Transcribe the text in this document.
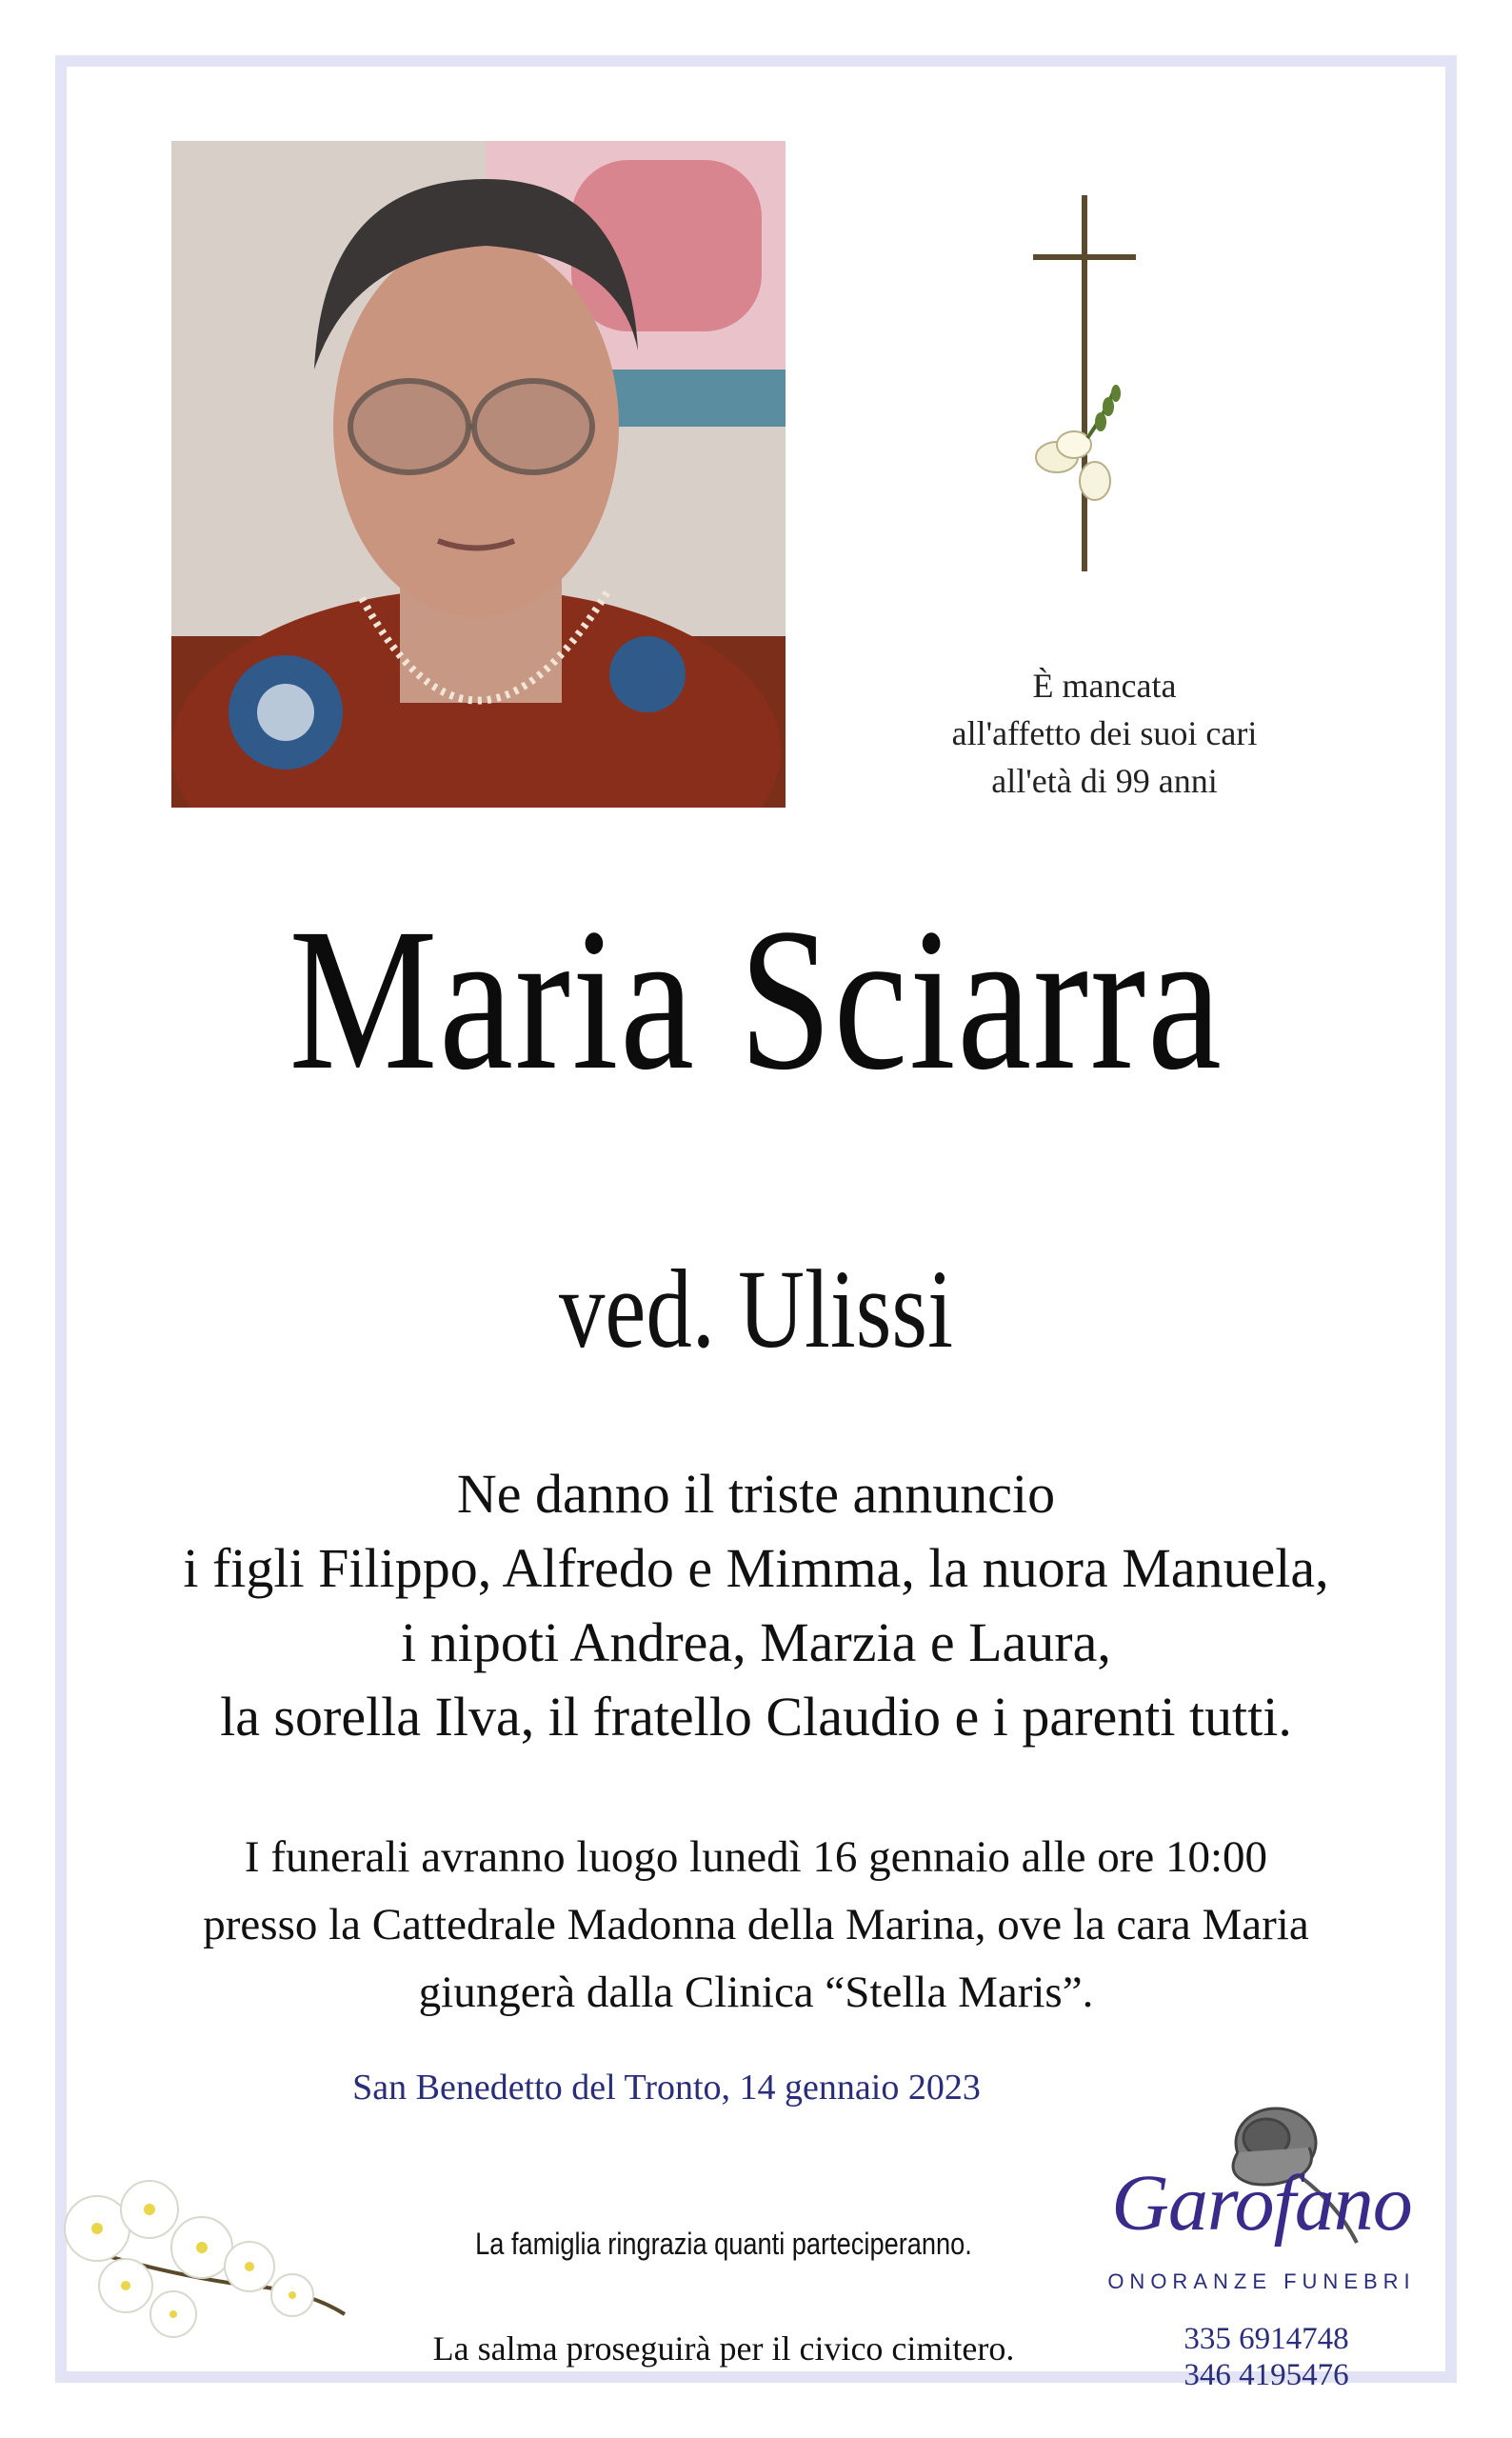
È mancata
all'affetto dei suoi cari
all'età di 99 anni
Maria Sciarra
ved. Ulissi
Ne danno il triste annuncio
i figli Filippo, Alfredo e Mimma, la nuora Manuela,
i nipoti Andrea, Marzia e Laura,
la sorella Ilva, il fratello Claudio e i parenti tutti.
I funerali avranno luogo lunedì 16 gennaio alle ore 10:00
presso la Cattedrale Madonna della Marina, ove la cara Maria
giungerà dalla Clinica “Stella Maris”.
San Benedetto del Tronto, 14 gennaio 2023
La famiglia ringrazia quanti parteciperanno.
La salma proseguirà per il civico cimitero.
Garofano
ONORANZE FUNEBRI
335 6914748
346 4195476
